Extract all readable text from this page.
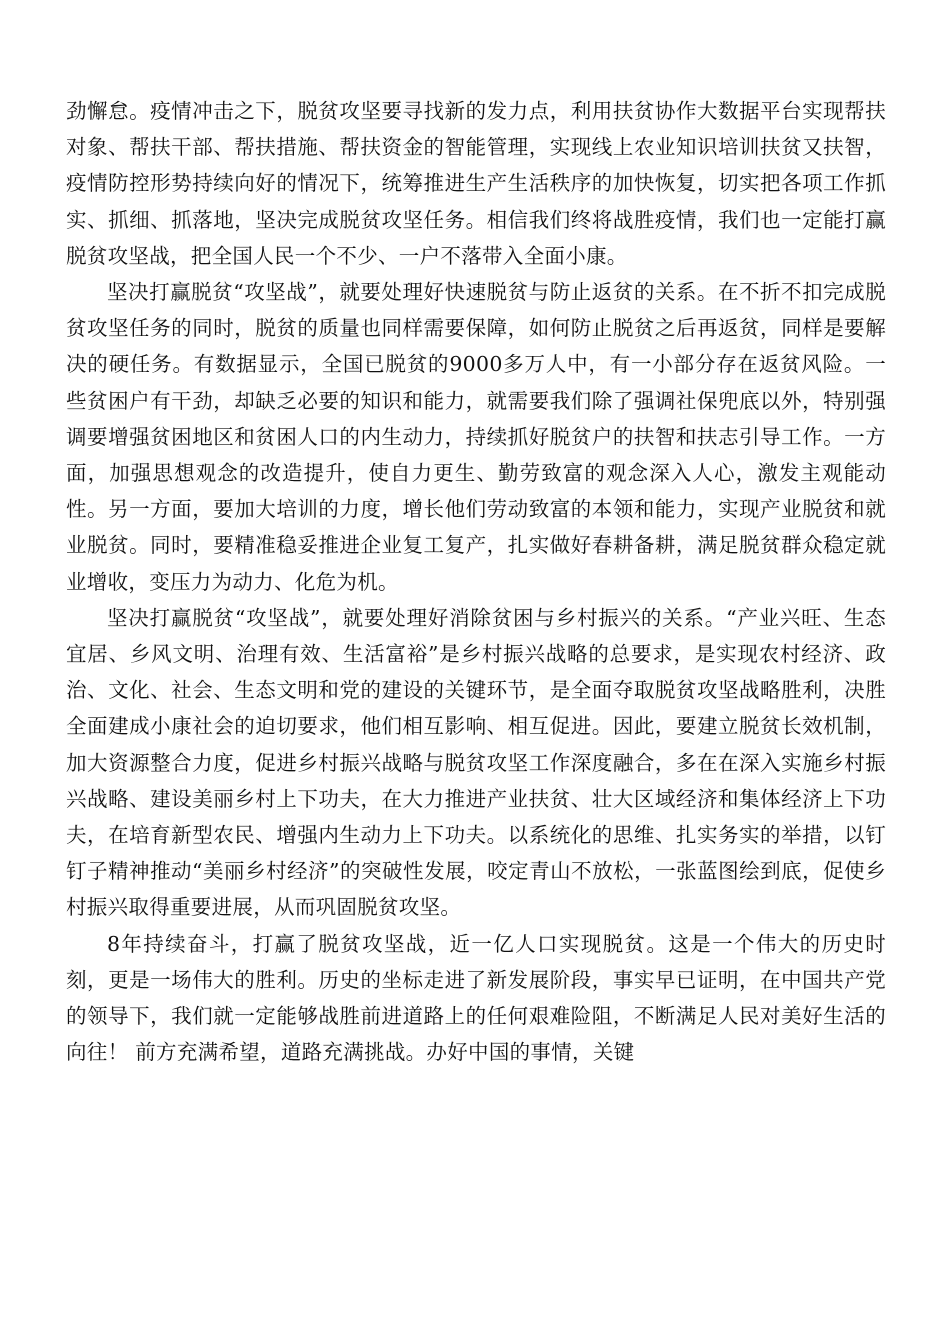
劲懈怠。疫情冲击之下，脱贫攻坚要寻找新的发力点，利用扶贫协作大数据平台实现帮扶对象、帮扶干部、帮扶措施、帮扶资金的智能管理，实现线上农业知识培训扶贫又扶智，疫情防控形势持续向好的情况下，统筹推进生产生活秩序的加快恢复，切实把各项工作抓实、抓细、抓落地，坚决完成脱贫攻坚任务。相信我们终将战胜疫情，我们也一定能打赢脱贫攻坚战，把全国人民一个不少、一户不落带入全面小康。

坚决打赢脱贫“攻坚战”，就要处理好快速脱贫与防止返贫的关系。在不折不扣完成脱贫攻坚任务的同时，脱贫的质量也同样需要保障，如何防止脱贫之后再返贫，同样是要解决的硬任务。有数据显示，全国已脱贫的9000多万人中，有一小部分存在返贫风险。一些贫困户有干劲，却缺乏必要的知识和能力，就需要我们除了强调社保兜底以外，特别强调要增强贫困地区和贫困人口的内生动力，持续抓好脱贫户的扶智和扶志引导工作。一方面，加强思想观念的改造提升，使自力更生、勤劳致富的观念深入人心，激发主观能动性。另一方面，要加大培训的力度，增长他们劳动致富的本领和能力，实现产业脱贫和就业脱贫。同时，要精准稳妥推进企业复工复产，扎实做好春耕备耕，满足脱贫群众稳定就业增收，变压力为动力、化危为机。

坚决打赢脱贫“攻坚战”，就要处理好消除贫困与乡村振兴的关系。“产业兴旺、生态宜居、乡风文明、治理有效、生活富裕”是乡村振兴战略的总要求，是实现农村经济、政治、文化、社会、生态文明和党的建设的关键环节，是全面夺取脱贫攻坚战略胜利，决胜全面建成小康社会的迫切要求，他们相互影响、相互促进。因此，要建立脱贫长效机制，加大资源整合力度，促进乡村振兴战略与脱贫攻坚工作深度融合，多在在深入实施乡村振兴战略、建设美丽乡村上下功夫，在大力推进产业扶贫、壮大区域经济和集体经济上下功夫，在培育新型农民、增强内生动力上下功夫。以系统化的思维、扎实务实的举措，以钉钉子精神推动“美丽乡村经济”的突破性发展，咬定青山不放松，一张蓝图绘到底，促使乡村振兴取得重要进展，从而巩固脱贫攻坚。

8年持续奋斗，打赢了脱贫攻坚战，近一亿人口实现脱贫。这是一个伟大的历史时刻，更是一场伟大的胜利。历史的坐标走进了新发展阶段，事实早已证明，在中国共产党的领导下，我们就一定能够战胜前进道路上的任何艰难险阻，不断满足人民对美好生活的向往！ 前方充满希望，道路充满挑战。办好中国的事情，关键
